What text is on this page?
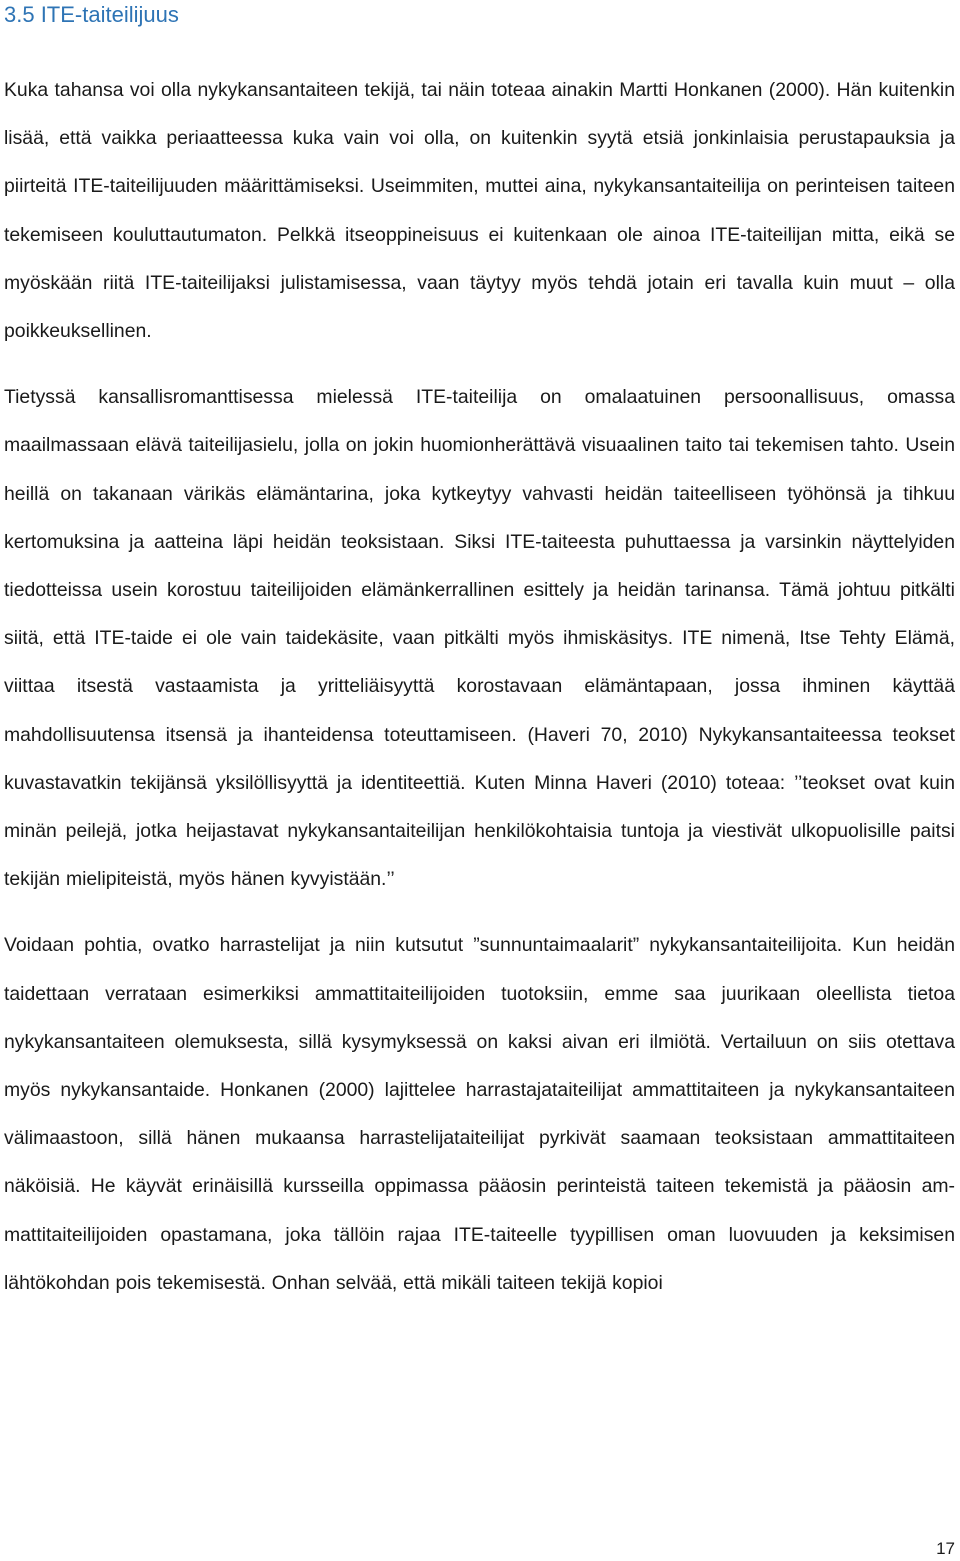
3.5 ITE-taiteilijuus

Kuka tahansa voi olla nykykansantaiteen tekijä, tai näin toteaa ainakin Martti Honkanen (2000). Hän kuitenkin lisää, että vaikka periaatteessa kuka vain voi olla, on kuitenkin syytä etsiä jonkinlaisia perustapauksia ja piirteitä ITE-taiteilijuuden määrittämiseksi. Useimmiten, muttei aina, nykykansantaiteilija on perinteisen taiteen tekemiseen kouluttautumaton. Pelkkä itseoppineisuus ei kuitenkaan ole ainoa ITE-taiteilijan mitta, eikä se myöskään riitä ITE-taiteilijaksi julistamisessa, vaan täytyy myös tehdä jotain eri tavalla kuin muut – olla poikkeuksellinen.

Tietyssä kansallisromanttisessa mielessä ITE-taiteilija on omalaatuinen persoonallisuus, omassa maailmassaan elävä taiteilijasielu, jolla on jokin huomionherättävä visuaalinen taito tai tekemisen tahto. Usein heillä on takanaan värikäs elämäntarina, joka kytkeytyy vahvasti heidän taiteelliseen työhönsä ja tihkuu kertomuksina ja aatteina läpi heidän teoksistaan. Siksi ITE-taiteesta puhuttaessa ja varsinkin näyttelyiden tiedotteissa usein korostuu taiteilijoiden elämänkerrallinen esittely ja heidän tarinansa. Tämä johtuu pitkälti siitä, että ITE-taide ei ole vain taidekäsite, vaan pitkälti myös ihmiskäsitys. ITE nimenä, Itse Tehty Elämä, viittaa itsestä vastaamista ja yritteliäisyyttä korostavaan elämäntapaan, jossa ihminen käyttää mahdollisuutensa itsensä ja ihanteidensa toteuttamiseen. (Haveri 70, 2010) Nykykansantaiteessa teokset kuvastavatkin tekijänsä yksilöllisyyttä ja identiteettiä. Kuten Minna Haveri (2010) toteaa: ’’teokset ovat kuin minän peilejä, jotka heijastavat nykykansantaiteilijan henkilökohtaisia tuntoja ja viestivät ulkopuolisille paitsi tekijän mielipiteistä, myös hänen kyvyistään.’’

Voidaan pohtia, ovatko harrastelijat ja niin kutsutut ”sunnuntaimaalarit” nykykansantaiteilijoita. Kun heidän taidettaan verrataan esimerkiksi ammattitaiteilijoiden tuotoksiin, emme saa juurikaan oleellista tietoa nykykansantaiteen olemuksesta, sillä kysymyksessä on kaksi aivan eri ilmiötä. Vertailuun on siis otettava myös nykykansantaide. Honkanen (2000) lajittelee harrastajataiteilijat ammattitaiteen ja nykykansantaiteen välimaastoon, sillä hänen mukaansa harrastelijataiteilijat pyrkivät saamaan teoksistaan ammattitaiteen näköisiä. He käyvät erinäisillä kursseilla oppimassa pääosin perinteistä taiteen tekemistä ja pääosin ammattitaiteilijoiden opastamana, joka tällöin rajaa ITE-taiteelle tyypillisen oman luovuuden ja keksimisen lähtökohdan pois tekemisestä. Onhan selvää, että mikäli taiteen tekijä kopioi

17
